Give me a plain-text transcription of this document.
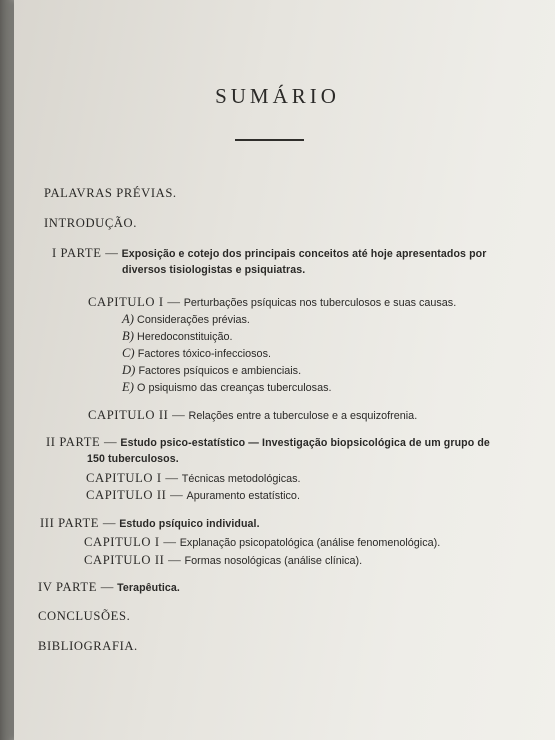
SUMÁRIO
PALAVRAS PRÉVIAS.
INTRODUÇÃO.
I PARTE — Exposição e cotejo dos principais conceitos até hoje apresentados por
diversos tisiologistas e psiquiatras.
CAPITULO I — Perturbações psíquicas nos tuberculosos e suas causas.
A) Considerações prévias.
B) Heredoconstituição.
C) Factores tóxico-infecciosos.
D) Factores psíquicos e ambienciais.
E) O psiquismo das creanças tuberculosas.
CAPITULO II — Relações entre a tuberculose e a esquizofrenia.
II PARTE — Estudo psico-estatístico — Investigação biopsicológica de um grupo de
150 tuberculosos.
CAPITULO I — Técnicas metodológicas.
CAPITULO II — Apuramento estatístico.
III PARTE — Estudo psíquico individual.
CAPITULO I — Explanação psicopatológica (análise fenomenológica).
CAPITULO II — Formas nosológicas (análise clínica).
IV PARTE — Terapêutica.
CONCLUSÕES.
BIBLIOGRAFIA.
